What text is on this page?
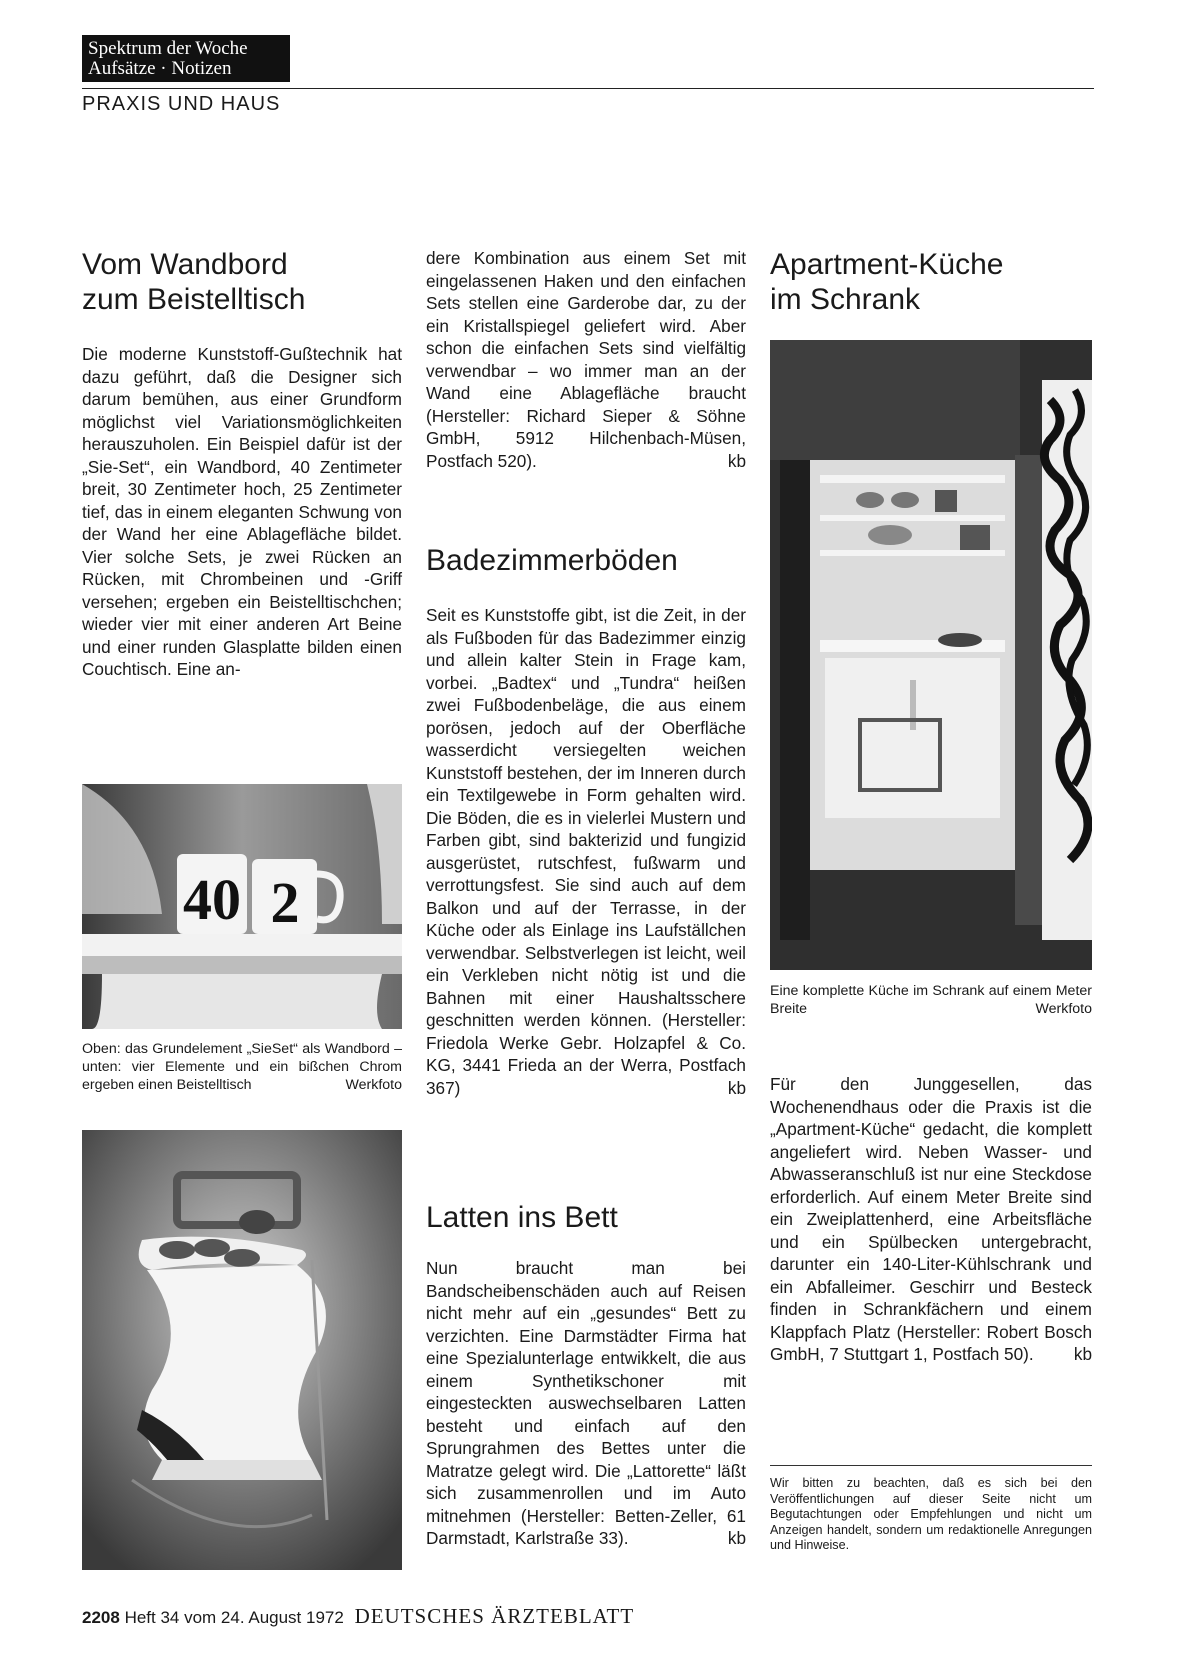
Spektrum der Woche
Aufsätze · Notizen
PRAXIS UND HAUS
Vom Wandbord
zum Beistelltisch
Die moderne Kunststoff-Gußtechnik hat dazu geführt, daß die Designer sich darum bemühen, aus einer Grundform möglichst viel Variationsmöglichkeiten herauszuholen. Ein Beispiel dafür ist der „Sie-Set“, ein Wandbord, 40 Zentimeter breit, 30 Zentimeter hoch, 25 Zentimeter tief, das in einem eleganten Schwung von der Wand her eine Ablagefläche bildet. Vier solche Sets, je zwei Rücken an Rücken, mit Chrombeinen und -Griff versehen; ergeben ein Beistelltischchen; wieder vier mit einer anderen Art Beine und einer runden Glasplatte bilden einen Couchtisch. Eine an-
40 2
Oben: das Grundelement „SieSet“ als Wandbord – unten: vier Elemente und ein bißchen Chrom ergeben einen Beistelltisch	Werkfoto
dere Kombination aus einem Set mit eingelassenen Haken und den einfachen Sets stellen eine Garderobe dar, zu der ein Kristallspiegel geliefert wird. Aber schon die einfachen Sets sind vielfältig verwendbar – wo immer man an der Wand eine Ablagefläche braucht (Hersteller: Richard Sieper & Söhne GmbH, 5912 Hilchenbach-Müsen, Postfach 520).	kb
Badezimmerböden
Seit es Kunststoffe gibt, ist die Zeit, in der als Fußboden für das Badezimmer einzig und allein kalter Stein in Frage kam, vorbei. „Badtex“ und „Tundra“ heißen zwei Fußbodenbeläge, die aus einem porösen, jedoch auf der Oberfläche wasserdicht versiegelten weichen Kunststoff bestehen, der im Inneren durch ein Textilgewebe in Form gehalten wird. Die Böden, die es in vielerlei Mustern und Farben gibt, sind bakterizid und fungizid ausgerüstet, rutschfest, fußwarm und verrottungsfest. Sie sind auch auf dem Balkon und auf der Terrasse, in der Küche oder als Einlage ins Laufställchen verwendbar. Selbstverlegen ist leicht, weil ein Verkleben nicht nötig ist und die Bahnen mit einer Haushaltsschere geschnitten werden können. (Hersteller: Friedola Werke Gebr. Holzapfel & Co. KG, 3441 Frieda an der Werra, Postfach 367)	kb
Latten ins Bett
Nun braucht man bei Bandscheibenschäden auch auf Reisen nicht mehr auf ein „gesundes“ Bett zu verzichten. Eine Darmstädter Firma hat eine Spezialunterlage entwikkelt, die aus einem Synthetikschoner mit eingesteckten auswechselbaren Latten besteht und einfach auf den Sprungrahmen des Bettes unter die Matratze gelegt wird. Die „Lattorette“ läßt sich zusammenrollen und im Auto mitnehmen (Hersteller: Betten-Zeller, 61 Darmstadt, Karlstraße 33).	kb
Apartment-Küche
im Schrank
Eine komplette Küche im Schrank auf einem Meter Breite	Werkfoto
Für den Junggesellen, das Wochenendhaus oder die Praxis ist die „Apartment-Küche“ gedacht, die komplett angeliefert wird. Neben Wasser- und Abwasseranschluß ist nur eine Steckdose erforderlich. Auf einem Meter Breite sind ein Zweiplattenherd, eine Arbeitsfläche und ein Spülbecken untergebracht, darunter ein 140-Liter-Kühlschrank und ein Abfalleimer. Geschirr und Besteck finden in Schrankfächern und einem Klappfach Platz (Hersteller: Robert Bosch GmbH, 7 Stuttgart 1, Postfach 50). kb
Wir bitten zu beachten, daß es sich bei den Veröffentlichungen auf dieser Seite nicht um Begutachtungen oder Empfehlungen und nicht um Anzeigen handelt, sondern um redaktionelle Anregungen und Hinweise.
2208 Heft 34 vom 24. August 1972 DEUTSCHES ÄRZTEBLATT
